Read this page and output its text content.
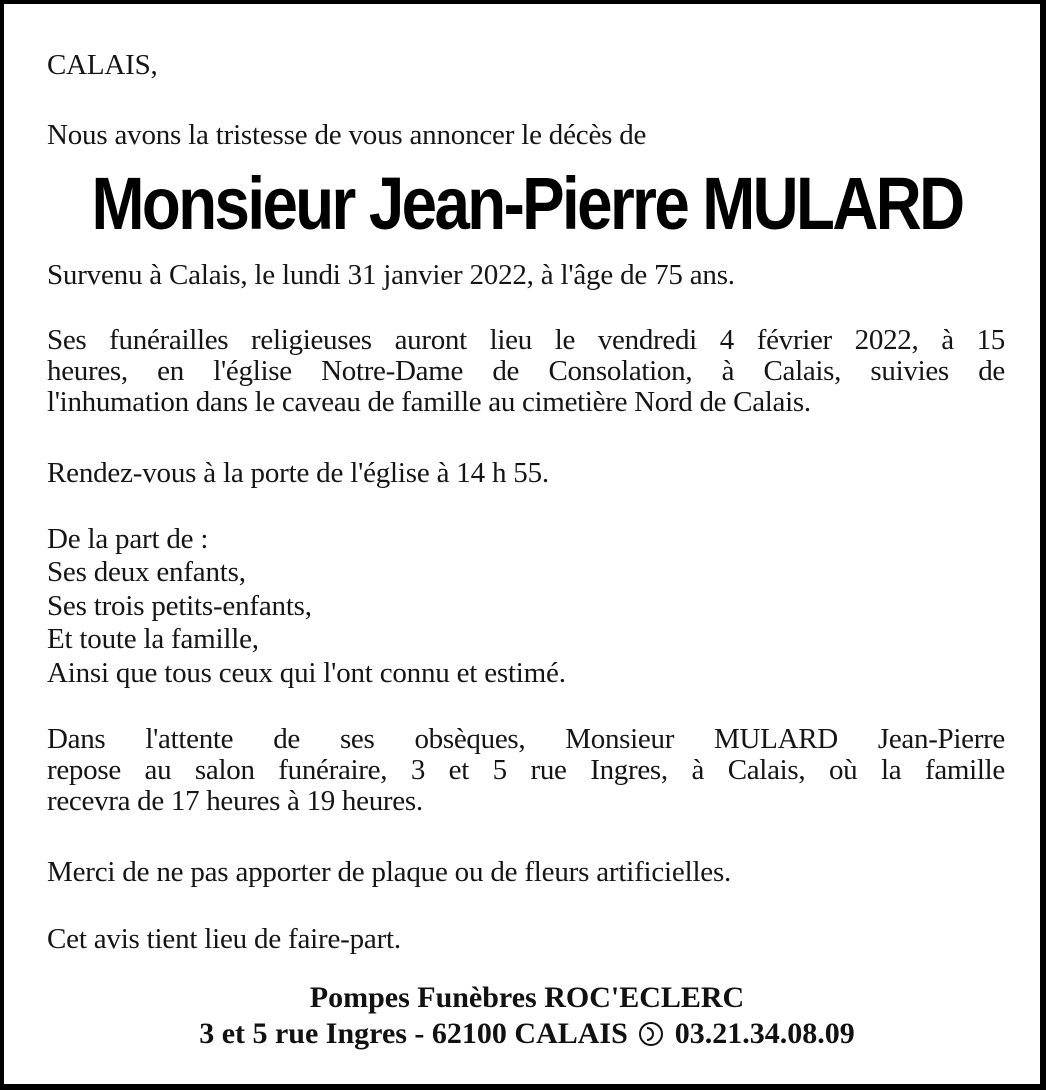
CALAIS,
Nous avons la tristesse de vous annoncer le décès de
Monsieur Jean-Pierre MULARD
Survenu à Calais, le lundi 31 janvier 2022, à l'âge de 75 ans.
Ses funérailles religieuses auront lieu le vendredi 4 février 2022, à 15
heures, en l'église Notre-Dame de Consolation, à Calais, suivies de
l'inhumation dans le caveau de famille au cimetière Nord de Calais.
Rendez-vous à la porte de l'église à 14 h 55.
De la part de :
Ses deux enfants,
Ses trois petits-enfants,
Et toute la famille,
Ainsi que tous ceux qui l'ont connu et estimé.
Dans l'attente de ses obsèques, Monsieur MULARD Jean-Pierre
repose au salon funéraire, 3 et 5 rue Ingres, à Calais, où la famille
recevra de 17 heures à 19 heures.
Merci de ne pas apporter de plaque ou de fleurs artificielles.
Cet avis tient lieu de faire-part.
Pompes Funèbres ROC'ECLERC
3 et 5 rue Ingres - 62100 CALAIS 03.21.34.08.09
